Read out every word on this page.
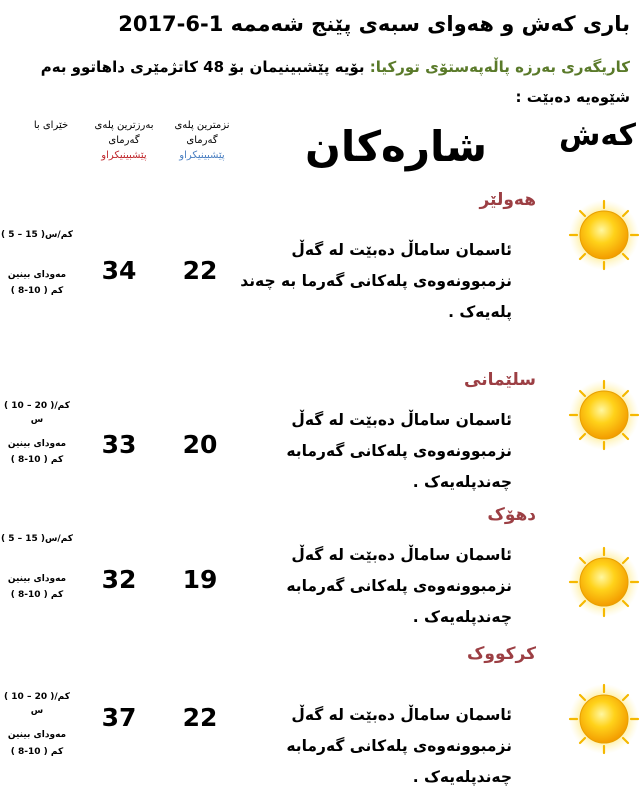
باری کەش و هەوای سبەی پێنج شەممە 1-6-2017
کاریگەری بەرزە پاڵەپەستۆی تورکیا: بۆیە پێشبینیمان بۆ 48 کاتژمێری داهاتوو بەم شێوەیە دەبێت :
کەش
شارەکان
نزمترین پلەی
گەرمای
پێشبینیکراو
بەرزترین پلەی
گەرمای
پێشبینیکراو
خێرای با
هەولێر
ئاسمان ساماڵ دەبێت لە گەڵ
نزمبوونەوەی پلەکانی گەرما بە چەند
پلەیەک .
22
34
( 5 – 15 )کم/س
مەودای بینین
( 8-10 ) کم
سلێمانی
ئاسمان ساماڵ دەبێت لە گەڵ
نزمبوونەوەی پلەکانی گەرمابە
چەندپلەیەک .
20
33
( 10 – 20 )کم/س
مەودای بینین
( 8-10 ) کم
دهۆک
ئاسمان ساماڵ دەبێت لە گەڵ
نزمبوونەوەی پلەکانی گەرمابە
چەندپلەیەک .
19
32
( 5 – 15 )کم/س
مەودای بینین
( 8-10 ) کم
کرکووک
ئاسمان ساماڵ دەبێت لە گەڵ
نزمبوونەوەی پلەکانی گەرمابە
چەندپلەیەک .
22
37
( 10 – 20 )کم/س
مەودای بینین
( 8-10 ) کم
